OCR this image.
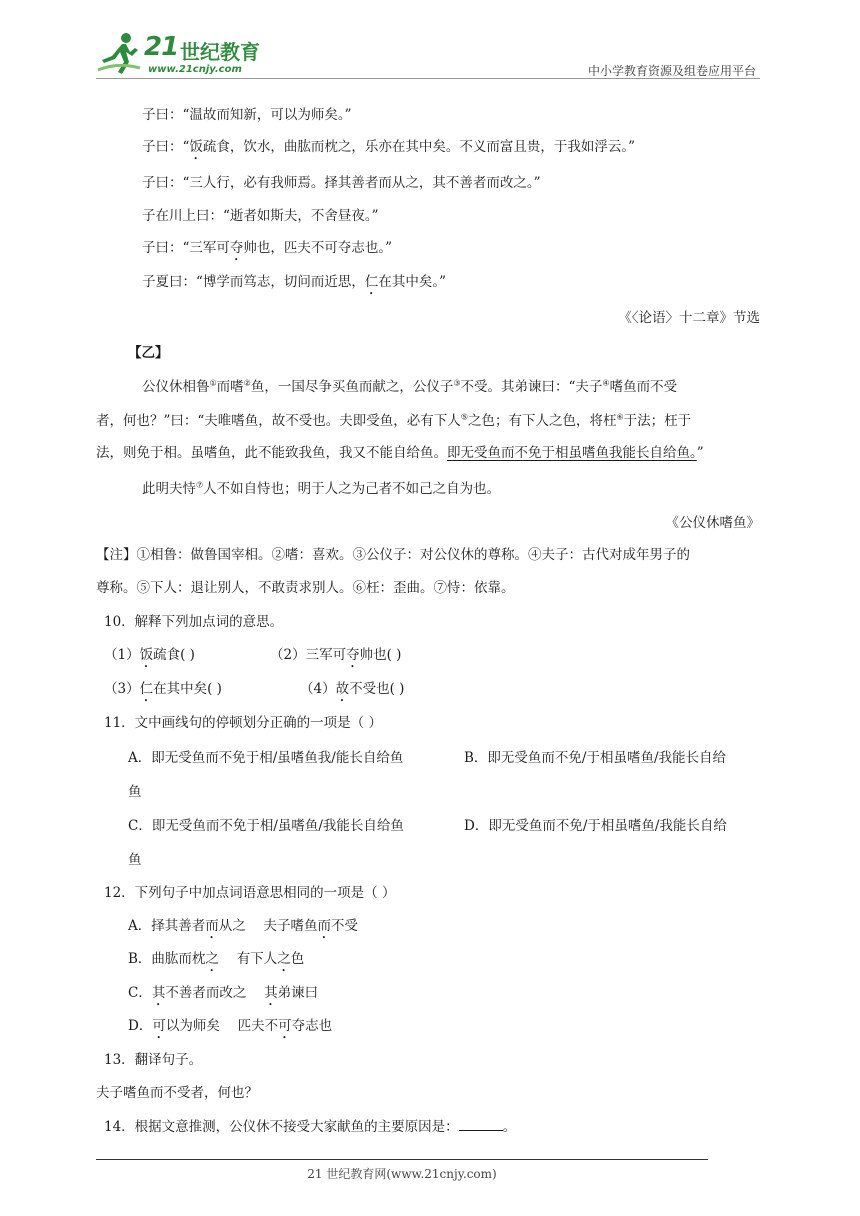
21 世纪教育
www.21cnjy.com	中小学教育资源及组卷应用平台
子曰：“温故而知新，可以为师矣。”
子曰：“饭疏食，饮水，曲肱而枕之，乐亦在其中矣。不义而富且贵，于我如浮云。”
子曰：“三人行，必有我师焉。择其善者而从之，其不善者而改之。”
子在川上曰：“逝者如斯夫，不舍昼夜。”
子曰：“三军可夺帅也，匹夫不可夺志也。”
子夏曰：“博学而笃志，切问而近思，仁在其中矣。”
《〈论语〉十二章》节选
【乙】
公仪休相鲁①而嗜②鱼，一国尽争买鱼而献之，公仪子③不受。其弟谏曰：“夫子④嗜鱼而不受
者，何也？”曰：“夫唯嗜鱼，故不受也。夫即受鱼，必有下人⑤之色；有下人之色，将枉⑥于法；枉于
法，则免于相。虽嗜鱼，此不能致我鱼，我又不能自给鱼。即无受鱼而不免于相虽嗜鱼我能长自给鱼。”
此明夫恃⑦人不如自恃也；明于人之为己者不如己之自为也。
《公仪休嗜鱼》
【注】①相鲁：做鲁国宰相。②嗜：喜欢。③公仪子：对公仪休的尊称。④夫子：古代对成年男子的
尊称。⑤下人：退让别人，不敢责求别人。⑥枉：歪曲。⑦恃：依靠。
10．解释下列加点词的意思。
（1）饭疏食( )	（2）三军可夺帅也( )
（3）仁在其中矣( )	（4）故不受也( )
11．文中画线句的停顿划分正确的一项是（ ）
A．即无受鱼而不免于相/虽嗜鱼我/能长自给鱼	B．即无受鱼而不免/于相虽嗜鱼/我能长自给
鱼
C．即无受鱼而不免于相/虽嗜鱼/我能长自给鱼	D．即无受鱼而不免/于相虽嗜鱼/我能长自给
鱼
12．下列句子中加点词语意思相同的一项是（ ）
A．择其善者而从之　 夫子嗜鱼而不受
B．曲肱而枕之　 有下人之色
C．其不善者而改之　 其弟谏曰
D．可以为师矣　 匹夫不可夺志也
13．翻译句子。
夫子嗜鱼而不受者，何也？
14．根据文意推测，公仪休不接受大家献鱼的主要原因是：	。
21 世纪教育网(www.21cnjy.com)
